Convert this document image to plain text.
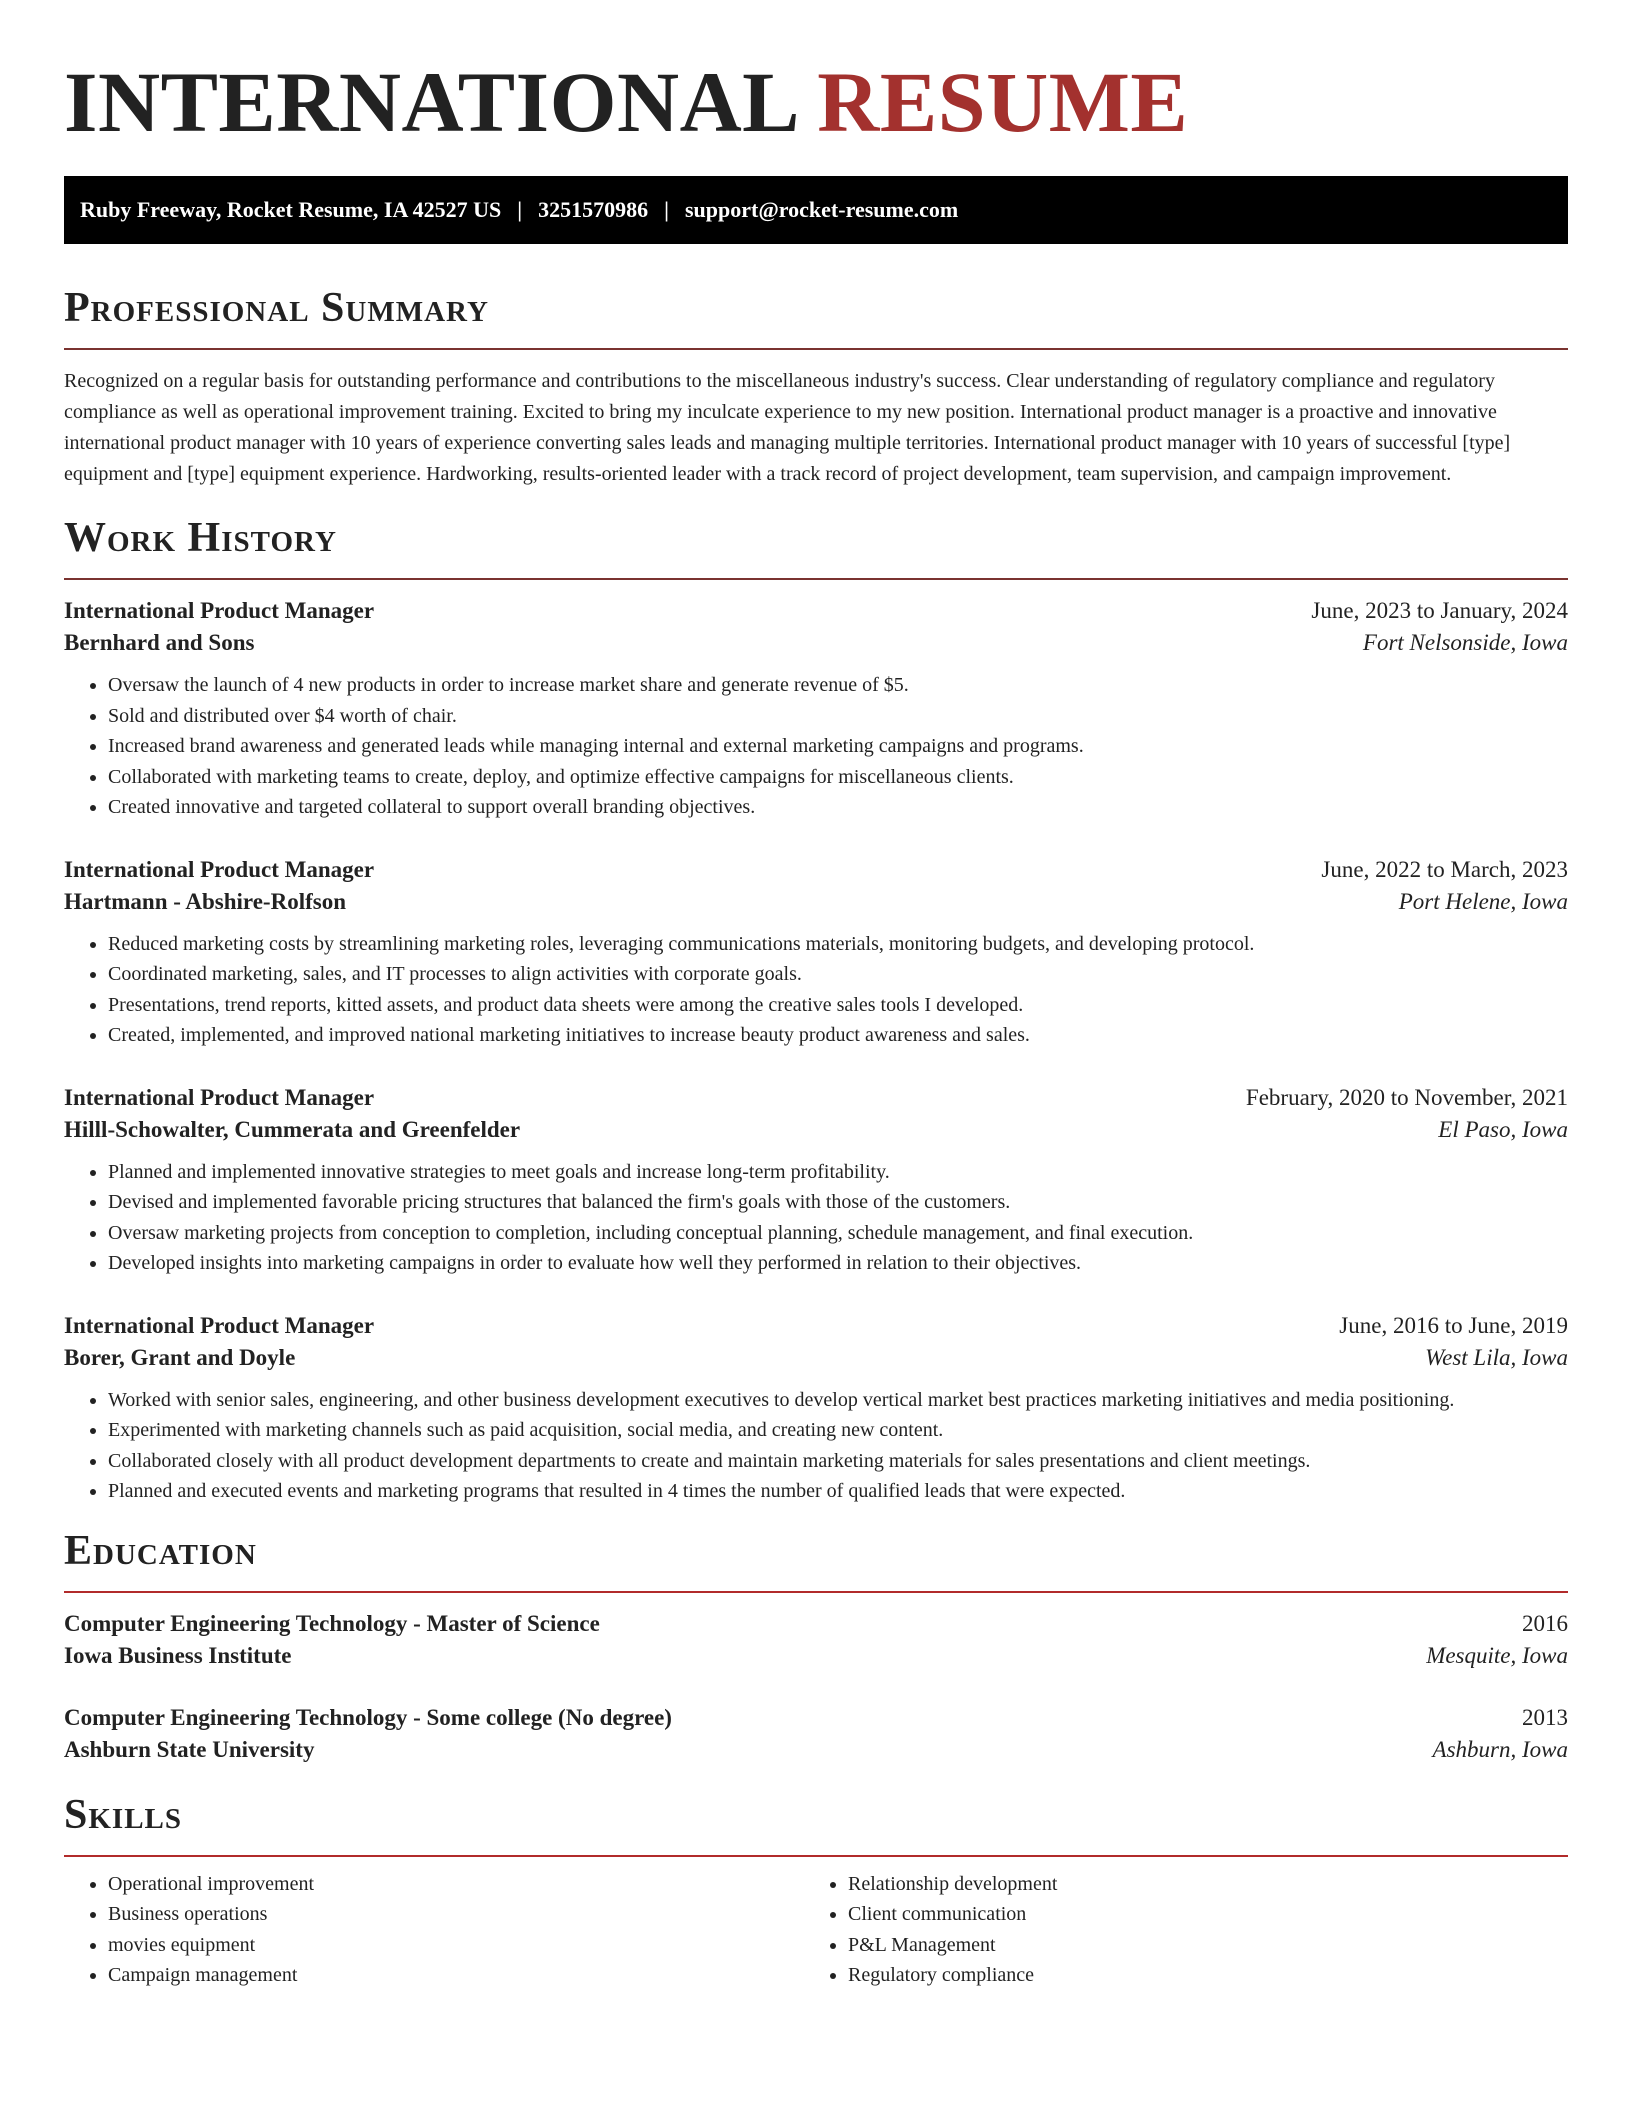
INTERNATIONAL RESUME
Ruby Freeway, Rocket Resume, IA 42527 US | 3251570986 | support@rocket-resume.com
Professional Summary

Recognized on a regular basis for outstanding performance and contributions to the miscellaneous industry's success. Clear understanding of regulatory compliance and regulatory compliance as well as operational improvement training. Excited to bring my inculcate experience to my new position. International product manager is a proactive and innovative international product manager with 10 years of experience converting sales leads and managing multiple territories. International product manager with 10 years of successful [type] equipment and [type] equipment experience. Hardworking, results-oriented leader with a track record of project development, team supervision, and campaign improvement.

Work History
International Product Manager	June, 2023 to January, 2024
Bernhard and Sons	Fort Nelsonside, Iowa
• Oversaw the launch of 4 new products in order to increase market share and generate revenue of $5.
• Sold and distributed over $4 worth of chair.
• Increased brand awareness and generated leads while managing internal and external marketing campaigns and programs.
• Collaborated with marketing teams to create, deploy, and optimize effective campaigns for miscellaneous clients.
• Created innovative and targeted collateral to support overall branding objectives.
International Product Manager	June, 2022 to March, 2023
Hartmann - Abshire-Rolfson	Port Helene, Iowa
• Reduced marketing costs by streamlining marketing roles, leveraging communications materials, monitoring budgets, and developing protocol.
• Coordinated marketing, sales, and IT processes to align activities with corporate goals.
• Presentations, trend reports, kitted assets, and product data sheets were among the creative sales tools I developed.
• Created, implemented, and improved national marketing initiatives to increase beauty product awareness and sales.
International Product Manager	February, 2020 to November, 2021
Hilll-Schowalter, Cummerata and Greenfelder	El Paso, Iowa
• Planned and implemented innovative strategies to meet goals and increase long-term profitability.
• Devised and implemented favorable pricing structures that balanced the firm's goals with those of the customers.
• Oversaw marketing projects from conception to completion, including conceptual planning, schedule management, and final execution.
• Developed insights into marketing campaigns in order to evaluate how well they performed in relation to their objectives.
International Product Manager	June, 2016 to June, 2019
Borer, Grant and Doyle	West Lila, Iowa
• Worked with senior sales, engineering, and other business development executives to develop vertical market best practices marketing initiatives and media positioning.
• Experimented with marketing channels such as paid acquisition, social media, and creating new content.
• Collaborated closely with all product development departments to create and maintain marketing materials for sales presentations and client meetings.
• Planned and executed events and marketing programs that resulted in 4 times the number of qualified leads that were expected.
Education
Computer Engineering Technology - Master of Science	2016
Iowa Business Institute	Mesquite, Iowa
Computer Engineering Technology - Some college (No degree)	2013
Ashburn State University	Ashburn, Iowa
Skills
• Operational improvement
• Business operations
• movies equipment
• Campaign management
• Relationship development
• Client communication
• P&L Management
• Regulatory compliance
